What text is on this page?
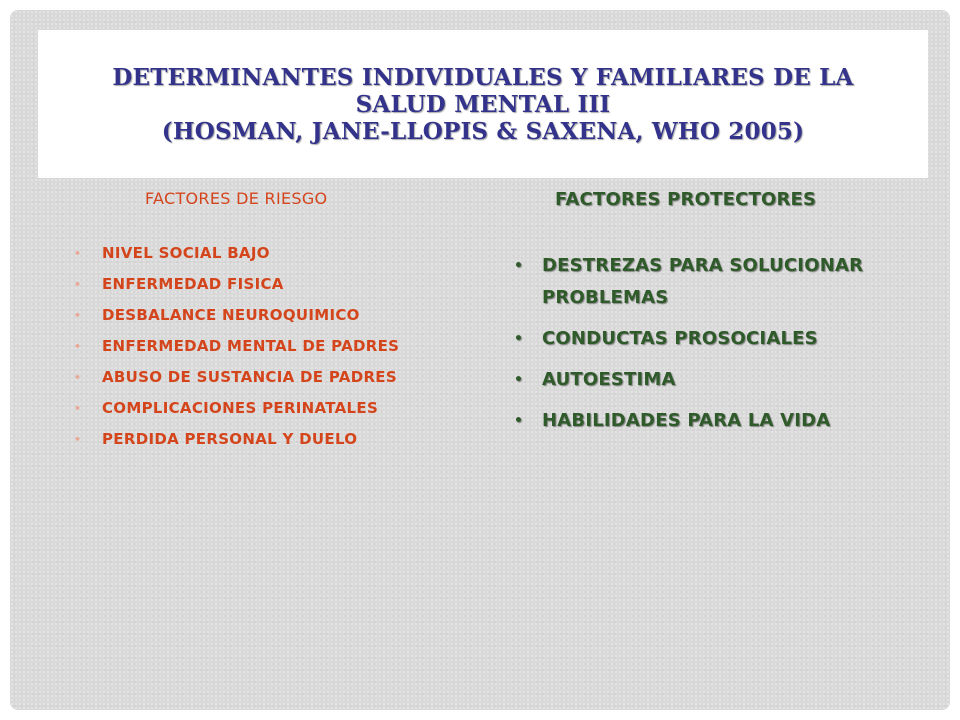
DETERMINANTES INDIVIDUALES Y FAMILIARES DE LA
SALUD MENTAL III
(HOSMAN, JANE-LLOPIS & SAXENA, WHO 2005)

FACTORES DE RIESGO

• NIVEL SOCIAL BAJO
• ENFERMEDAD FISICA
• DESBALANCE NEUROQUIMICO
• ENFERMEDAD MENTAL DE PADRES
• ABUSO DE SUSTANCIA DE PADRES
• COMPLICACIONES PERINATALES
• PERDIDA PERSONAL Y DUELO

FACTORES PROTECTORES

• DESTREZAS PARA SOLUCIONAR PROBLEMAS
• CONDUCTAS PROSOCIALES
• AUTOESTIMA
• HABILIDADES PARA LA VIDA
